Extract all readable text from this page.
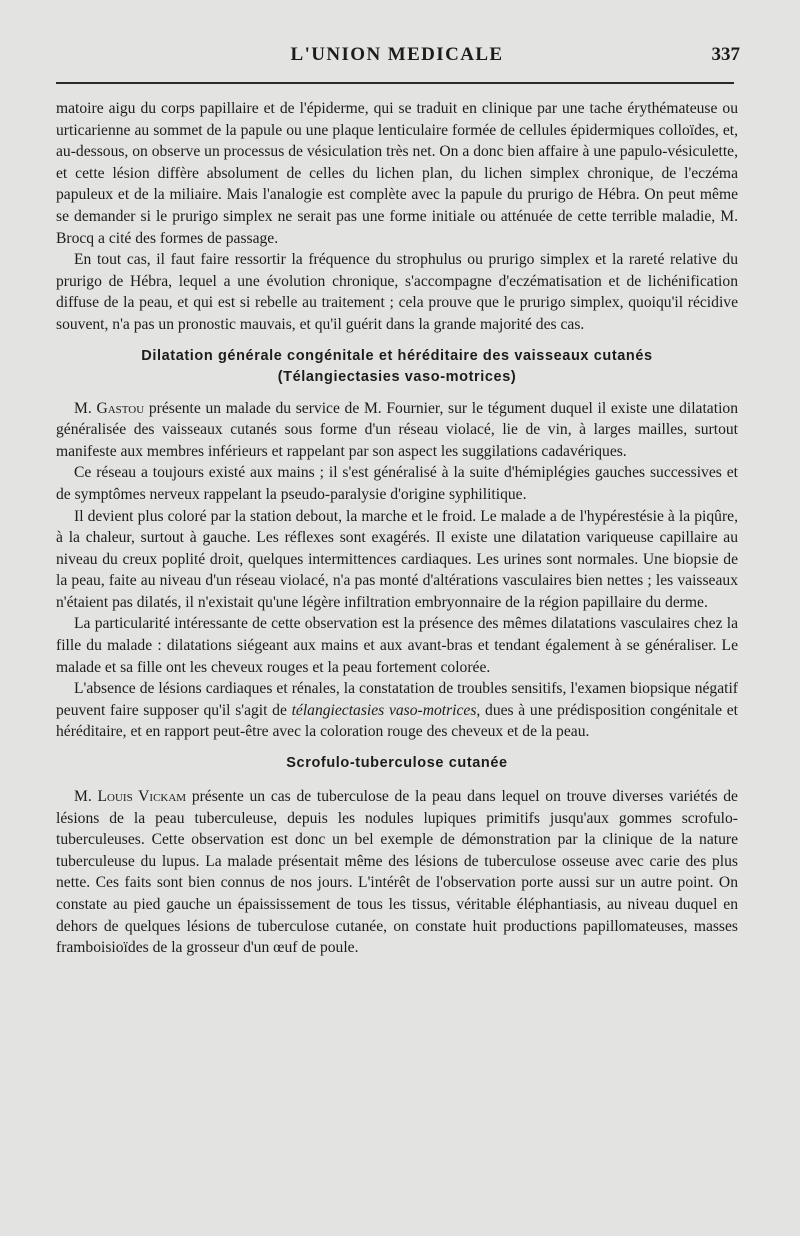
L'UNION MEDICALE	337

matoire aigu du corps papillaire et de l'épiderme, qui se traduit en clinique par une tache érythémateuse ou urticarienne au sommet de la papule ou une plaque lenticulaire formée de cellules épidermiques colloïdes, et, au-dessous, on observe un processus de vésiculation très net. On a donc bien affaire à une papulo-vésiculette, et cette lésion diffère absolument de celles du lichen plan, du lichen simplex chronique, de l'eczéma papuleux et de la miliaire. Mais l'analogie est complète avec la papule du prurigo de Hébra. On peut même se demander si le prurigo simplex ne serait pas une forme initiale ou atténuée de cette terrible maladie, M. Brocq a cité des formes de passage.

En tout cas, il faut faire ressortir la fréquence du strophulus ou prurigo simplex et la rareté relative du prurigo de Hébra, lequel a une évolution chronique, s'accompagne d'eczématisation et de lichénification diffuse de la peau, et qui est si rebelle au traitement ; cela prouve que le prurigo simplex, quoiqu'il récidive souvent, n'a pas un pronostic mauvais, et qu'il guérit dans la grande majorité des cas.

Dilatation générale congénitale et héréditaire des vaisseaux cutanés
(Télangiectasies vaso-motrices)

M. Gastou présente un malade du service de M. Fournier, sur le tégument duquel il existe une dilatation généralisée des vaisseaux cutanés sous forme d'un réseau violacé, lie de vin, à larges mailles, surtout manifeste aux membres inférieurs et rappelant par son aspect les suggilations cadavériques.

Ce réseau a toujours existé aux mains ; il s'est généralisé à la suite d'hémiplégies gauches successives et de symptômes nerveux rappelant la pseudo-paralysie d'origine syphilitique.

Il devient plus coloré par la station debout, la marche et le froid. Le malade a de l'hypérestésie à la piqûre, à la chaleur, surtout à gauche. Les réflexes sont exagérés. Il existe une dilatation variqueuse capillaire au niveau du creux poplité droit, quelques intermittences cardiaques. Les urines sont normales. Une biopsie de la peau, faite au niveau d'un réseau violacé, n'a pas monté d'altérations vasculaires bien nettes ; les vaisseaux n'étaient pas dilatés, il n'existait qu'une légère infiltration embryonnaire de la région papillaire du derme.

La particularité intéressante de cette observation est la présence des mêmes dilatations vasculaires chez la fille du malade : dilatations siégeant aux mains et aux avant-bras et tendant également à se généraliser. Le malade et sa fille ont les cheveux rouges et la peau fortement colorée.

L'absence de lésions cardiaques et rénales, la constatation de troubles sensitifs, l'examen biopsique négatif peuvent faire supposer qu'il s'agit de télangiectasies vaso-motrices, dues à une prédisposition congénitale et héréditaire, et en rapport peut-être avec la coloration rouge des cheveux et de la peau.

Scrofulo-tuberculose cutanée

M. Louis Vickam présente un cas de tuberculose de la peau dans lequel on trouve diverses variétés de lésions de la peau tuberculeuse, depuis les nodules lupiques primitifs jusqu'aux gommes scrofulo-tuberculeuses. Cette observation est donc un bel exemple de démonstration par la clinique de la nature tuberculeuse du lupus. La malade présentait même des lésions de tuberculose osseuse avec carie des plus nette. Ces faits sont bien connus de nos jours. L'intérêt de l'observation porte aussi sur un autre point. On constate au pied gauche un épaississement de tous les tissus, véritable éléphantiasis, au niveau duquel en dehors de quelques lésions de tuberculose cutanée, on constate huit productions papillomateuses, masses framboisioïdes de la grosseur d'un œuf de poule.
